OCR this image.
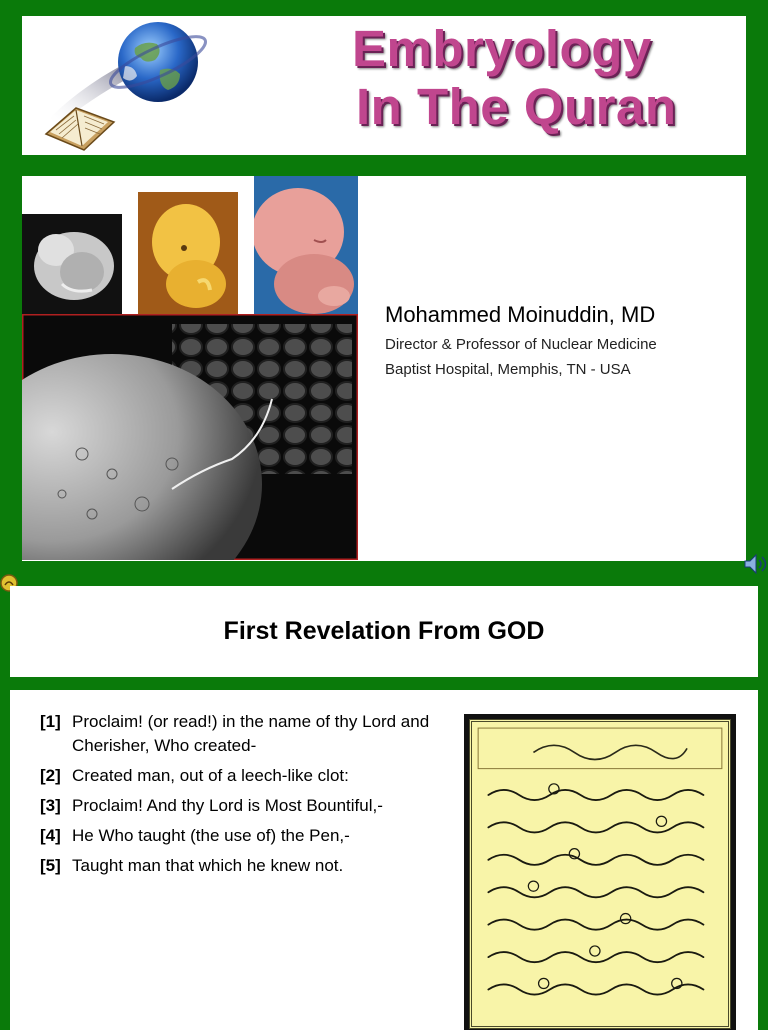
Embryology
In The Quran
Mohammed Moinuddin, MD
Director & Professor of Nuclear Medicine
Baptist Hospital, Memphis, TN - USA
First Revelation From GOD
[1] Proclaim! (or read!) in the name of thy Lord and Cherisher, Who created-
[2] Created man, out of a leech-like clot:
[3] Proclaim! And thy Lord is Most Bountiful,-
[4] He Who taught (the use of) the Pen,-
[5] Taught man that which he knew not.
